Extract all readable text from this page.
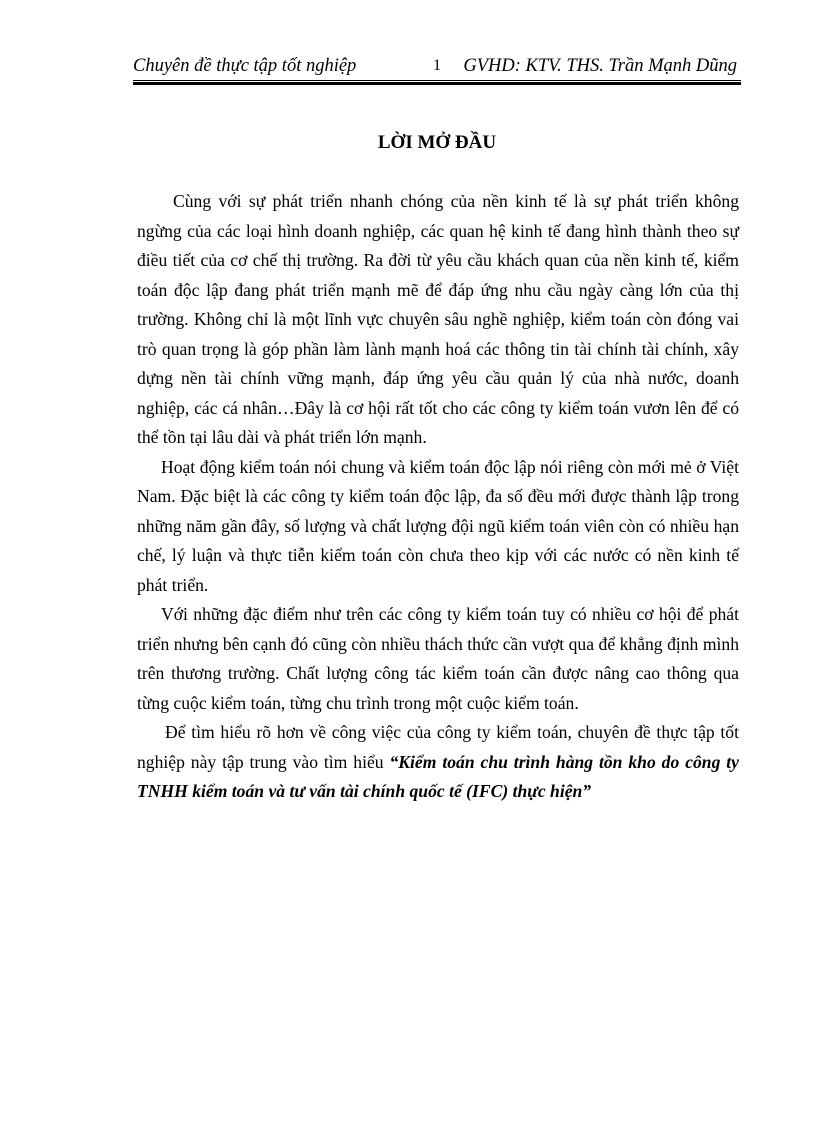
Chuyên đề thực tập tốt nghiệp	1 GVHD: KTV. THS. Trần Mạnh Dũng
LỜI MỞ ĐẦU

Cùng với sự phát triển nhanh chóng của nền kinh tế là sự phát triển không ngừng của các loại hình doanh nghiệp, các quan hệ kinh tế đang hình thành theo sự điều tiết của cơ chế thị trường. Ra đời từ yêu cầu khách quan của nền kinh tế, kiểm toán độc lập đang phát triển mạnh mẽ để đáp ứng nhu cầu ngày càng lớn của thị trường. Không chỉ là một lĩnh vực chuyên sâu nghề nghiệp, kiểm toán còn đóng vai trò quan trọng là góp phần làm lành mạnh hoá các thông tin tài chính tài chính, xây dựng nền tài chính vững mạnh, đáp ứng yêu cầu quản lý của nhà nước, doanh nghiệp, các cá nhân…Đây là cơ hội rất tốt cho các công ty kiểm toán vươn lên để có thể tồn tại lâu dài và phát triển lớn mạnh.

Hoạt động kiểm toán nói chung và kiểm toán độc lập nói riêng còn mới mẻ ở Việt Nam. Đặc biệt là các công ty kiểm toán độc lập, đa số đều mới được thành lập trong những năm gần đây, số lượng và chất lượng đội ngũ kiểm toán viên còn có nhiều hạn chế, lý luận và thực tiễn kiểm toán còn chưa theo kịp với các nước có nền kinh tế phát triển.

Với những đặc điểm như trên các công ty kiểm toán tuy có nhiều cơ hội để phát triển nhưng bên cạnh đó cũng còn nhiều thách thức cần vượt qua để khẳng định mình trên thương trường. Chất lượng công tác kiểm toán cần được nâng cao thông qua từng cuộc kiểm toán, từng chu trình trong một cuộc kiểm toán.

Để tìm hiểu rõ hơn về công việc của công ty kiểm toán, chuyên đề thực tập tốt nghiệp này tập trung vào tìm hiểu “Kiểm toán chu trình hàng tồn kho do công ty TNHH kiểm toán và tư vấn tài chính quốc tế (IFC) thực hiện”
